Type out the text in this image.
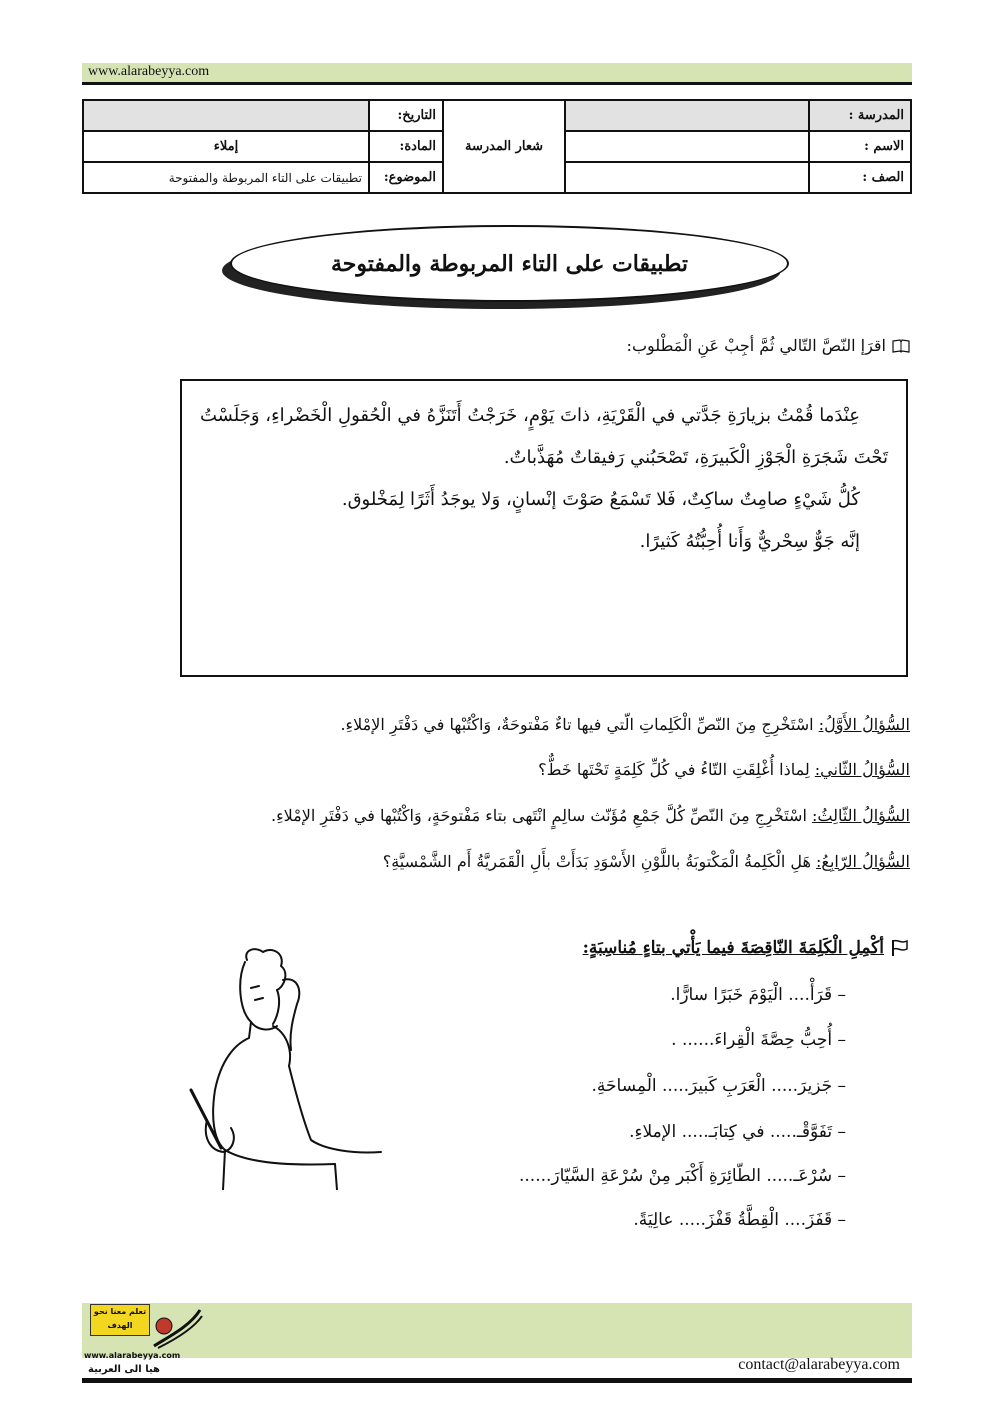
www.alarabeyya.com
	التاريخ:	شعار المدرسة		المدرسة :
إملاء	المادة:			الاسم :
تطبيقات على التاء المربوطة والمفتوحة	الموضوع:			الصف :
تطبيقات على التاء المربوطة والمفتوحة
اقرَإ النّصَّ التّالي ثُمَّ أجِبْ عَنِ الْمَطْلوب:

عِنْدَما قُمْتُ بزيارَةِ جَدَّتي في الْقَرْيَةِ، ذاتَ يَوْمٍ، خَرَجْتُ أَتَنَزَّهُ في الْحُقولِ الْخَضْراءِ، وَجَلَسْتُ تَحْتَ شَجَرَةِ الْجَوْزِ الْكَبيرَةِ، تَصْحَبُني رَفيقاتٌ مُهَذَّباتٌ.

كُلُّ شَيْءٍ صامِتٌ ساكِتٌ، فَلا تَسْمَعُ صَوْتَ إنْسانٍ، وَلا يوجَدُ أَثَرًا لِمَخْلوق.

إنَّه جَوٌّ سِحْريٌّ وَأَنا أُحِبُّتُهُ كَثيرًا.

السُّؤالُ الأَوَّلُ: اسْتَخْرِجِ مِنَ النّصِّ الْكَلِماتِ الّتي فيها تاءٌ مَفْتوحَةٌ، وَاكْتُبْها في دَفْتَرِ الإمْلاءِ.
السُّؤالُ الثّاني: لِماذا أُغْلِقَتِ التّاءُ في كُلِّ كَلِمَةٍ تَحْتَها خَطٌّ؟
السُّؤالُ الثّالِثُ: اسْتَخْرِجِ مِنَ النّصِّ كُلَّ جَمْعِ مُؤَنّث سالِمٍ انْتَهى بتاء مَفْتوحَةٍ، وَاكْتُبْها في دَفْتَرِ الإمْلاءِ.
السُّؤالُ الرّابِعُ: هَلِ الْكَلِمةُ الْمَكْتوبَةُ باللَّوْنِ الأَسْوَدِ بَدَأَتْ بأَلِ الْقَمَريَّةُ أَم الشَّمْسيَّةِ؟
أكْمِلِ الْكَلِمَةَ النّاقِصَةَ فيما يَأْتي بتاءٍ مُناسِبَةٍ:
– قَرَأْ.... الْيَوْمَ خَبَرًا سارًّا.
– أُحِبُّ حِصَّةَ الْقِراءَ...... .
– جَزيرَ..... الْعَرَبِ كَبيرَ..... الْمِساحَةِ.
– تَفَوَّقْـ..... في كِتابَـ..... الإملاءِ.
– سُرْعَـ..... الطّائِرَةِ أَكْبَر مِنْ سُرْعَةِ السَّيّارَ......
– قَفَزَ.... الْقِطَّةُ قَفْزَ..... عالِيَةً.
تعلم معنا نحو الهدف
www.alarabeyya.com
هيا الى العربية	contact@alarabeyya.com
